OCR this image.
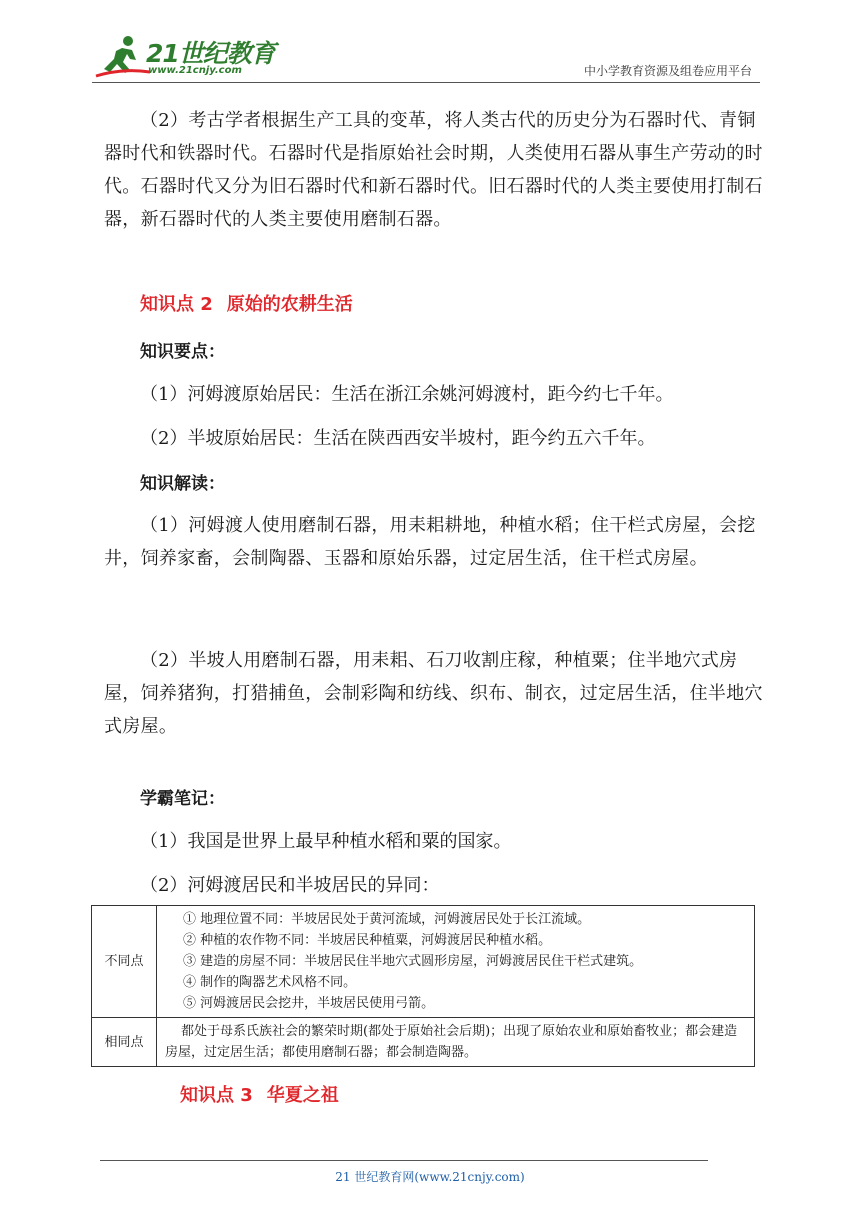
21世纪教育
www.21cnjy.com	中小学教育资源及组卷应用平台

（2）考古学者根据生产工具的变革，将人类古代的历史分为石器时代、青铜器时代和铁器时代。石器时代是指原始社会时期，人类使用石器从事生产劳动的时代。石器时代又分为旧石器时代和新石器时代。旧石器时代的人类主要使用打制石器，新石器时代的人类主要使用磨制石器。

知识点 2 原始的农耕生活

知识要点：

（1）河姆渡原始居民：生活在浙江余姚河姆渡村，距今约七千年。

（2）半坡原始居民：生活在陕西西安半坡村，距今约五六千年。

知识解读：

（1）河姆渡人使用磨制石器，用耒耜耕地，种植水稻；住干栏式房屋，会挖井，饲养家畜，会制陶器、玉器和原始乐器，过定居生活，住干栏式房屋。

（2）半坡人用磨制石器，用耒耜、石刀收割庄稼，种植粟；住半地穴式房屋，饲养猪狗，打猎捕鱼，会制彩陶和纺线、织布、制衣，过定居生活，住半地穴式房屋。

学霸笔记：

（1）我国是世界上最早种植水稻和粟的国家。

（2）河姆渡居民和半坡居民的异同：

不同点	① 地理位置不同：半坡居民处于黄河流域，河姆渡居民处于长江流域。
② 种植的农作物不同：半坡居民种植粟，河姆渡居民种植水稻。
③ 建造的房屋不同：半坡居民住半地穴式圆形房屋，河姆渡居民住干栏式建筑。
④ 制作的陶器艺术风格不同。
⑤ 河姆渡居民会挖井，半坡居民使用弓箭。

相同点	都处于母系氏族社会的繁荣时期(都处于原始社会后期)；出现了原始农业和原始畜牧业；都会建造房屋，过定居生活；都使用磨制石器；都会制造陶器。
知识点 3 华夏之祖
21 世纪教育网(www.21cnjy.com)
